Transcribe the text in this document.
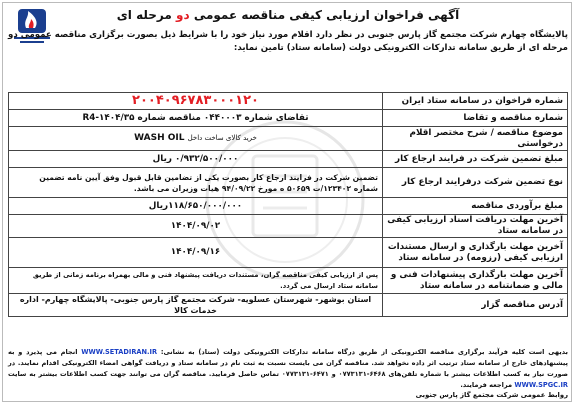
آگهی فراخوان ارزیابی کیفی مناقصه عمومی دو مرحله ای
پالایشگاه چهارم شرکت مجتمع گاز پارس جنوبی در نظر دارد اقلام مورد نیاز خود را با شرایط ذیل بصورت برگزاری مناقصه عمومی دو مرحله ای از طریق سامانه تدارکات الکترونیکی دولت (سامانه ستاد) تامین نماید:
شماره فراخوان در سامانه ستاد ایران	۲۰۰۴۰۹۶۷۸۳۰۰۰۱۲۰
شماره مناقصه و تقاضا	تقاضای شماره ۰۴۴۰۰۰۳ مناقصه شماره R4-۱۴۰۴/۳۵
موضوع مناقصه / شرح مختصر اقلام درخواستی	خرید کالای ساخت داخل WASH OIL
مبلغ تضمین شرکت در فرایند ارجاع کار	۰/۹۳۲/۵۰۰/۰۰۰ ریال
نوع تضمین شرکت درفرایند ارجاع کار	تضمین شرکت در فرایند ارجاع کار بصورت یکی از تضامین قابل قبول وفق آیین نامه تضمین شماره ۱۲۳۴۰۲/ت ۵۰۶۵۹ ه مورخ ۹۴/۰۹/۲۲ هیات وزیران می باشد.
مبلغ برآوردی مناقصه	۱۱۸/۶۵۰/۰۰۰/۰۰۰ریال
آخرین مهلت دریافت اسناد ارزیابی کیفی در سامانه ستاد	۱۴۰۴/۰۹/۰۲
آخرین مهلت بارگذاری و ارسال مستندات ارزیابی کیفی (رزومه) در سامانه ستاد	۱۴۰۴/۰۹/۱۶
آخرین مهلت بارگذاری پیشنهادات فنی و مالی و ضمانتنامه در سامانه ستاد	پس از ارزیابی کیفی مناقصه گران، مستندات دریافت پیشنهاد فنی و مالی بهمراه برنامه زمانی از طریق سامانه ستاد ارسال می گردد.
آدرس مناقصه گزار	استان بوشهر- شهرستان عسلویه- شرکت مجتمع گاز پارس جنوبی- پالایشگاه چهارم- اداره خدمات کالا
بدیهی است کلیه فرآیند برگزاری مناقصه الکترونیکی از طریق درگاه سامانه تدارکات الکترونیکی دولت (ستاد) به نشانی: WWW.SETADIRAN.IR انجام می پذیرد و به پیشنهادهای خارج از سامانه ستاد ترتیب اثر داده نخواهد شد. مناقصه گران می بایست نسبت به ثبت نام در سامانه ستاد و دریافت گواهی امضاء الکترونیکی اقدام نمایند. در صورت نیاز به کسب اطلاعات بیشتر با شماره تلفن‌های ۶۴۶۸-۰۷۷۳۱۳۱ و ۶۴۷۱-۰۷۷۳۱۳۱ تماس حاصل فرمایید. مناقصه گران می توانند جهت کسب اطلاعات بیشتر به سایت WWW.SPGC.IR مراجعه فرمایند.
روابط عمومی شرکت مجتمع گاز پارس جنوبی
